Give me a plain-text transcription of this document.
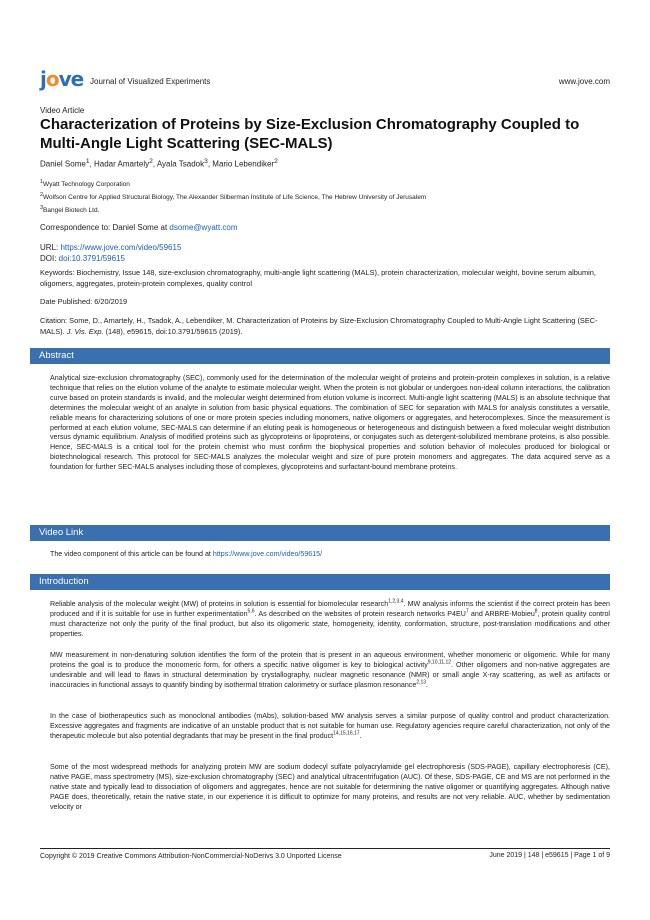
jove Journal of Visualized Experiments	www.jove.com
Video Article
Characterization of Proteins by Size-Exclusion Chromatography Coupled to Multi-Angle Light Scattering (SEC-MALS)
Daniel Some$^1$, Hadar Amartely$^2$, Ayala Tsadok$^3$, Mario Lebendiker$^2$
$^1$Wyatt Technology Corporation
$^2$Wolfson Centre for Applied Structural Biology, The Alexander Silberman Institute of Life Science, The Hebrew University of Jerusalem
$^3$Bangel Biotech Ltd.
Correspondence to: Daniel Some at dsome@wyatt.com
URL: https://www.jove.com/video/59615
DOI: doi:10.3791/59615
Keywords: Biochemistry, Issue 148, size-exclusion chromatography, multi-angle light scattering (MALS), protein characterization, molecular weight, bovine serum albumin, oligomers, aggregates, protein-protein complexes, quality control
Date Published: 6/20/2019
Citation: Some, D., Amartely, H., Tsadok, A., Lebendiker, M. Characterization of Proteins by Size-Exclusion Chromatography Coupled to Multi-Angle Light Scattering (SEC-MALS). J. Vis. Exp. (148), e59615, doi:10.3791/59615 (2019).
Abstract

Analytical size-exclusion chromatography (SEC), commonly used for the determination of the molecular weight of proteins and protein-protein complexes in solution, is a relative technique that relies on the elution volume of the analyte to estimate molecular weight. When the protein is not globular or undergoes non-ideal column interactions, the calibration curve based on protein standards is invalid, and the molecular weight determined from elution volume is incorrect. Multi-angle light scattering (MALS) is an absolute technique that determines the molecular weight of an analyte in solution from basic physical equations. The combination of SEC for separation with MALS for analysis constitutes a versatile, reliable means for characterizing solutions of one or more protein species including monomers, native oligomers or aggregates, and heterocomplexes. Since the measurement is performed at each elution volume, SEC-MALS can determine if an eluting peak is homogeneous or heterogeneous and distinguish between a fixed molecular weight distribution versus dynamic equilibrium. Analysis of modified proteins such as glycoproteins or lipoproteins, or conjugates such as detergent-solubilized membrane proteins, is also possible. Hence, SEC-MALS is a critical tool for the protein chemist who must confirm the biophysical properties and solution behavior of molecules produced for biological or biotechnological research. This protocol for SEC-MALS analyzes the molecular weight and size of pure protein monomers and aggregates. The data acquired serve as a foundation for further SEC-MALS analyses including those of complexes, glycoproteins and surfactant-bound membrane proteins.

Video Link

The video component of this article can be found at https://www.jove.com/video/59615/

Introduction

Reliable analysis of the molecular weight (MW) of proteins in solution is essential for biomolecular research$^{1,2,3,4}$. MW analysis informs the scientist if the correct protein has been produced and if it is suitable for use in further experimentation$^{5,6}$. As described on the websites of protein research networks $P4EU^7$ and ARBRE-Mobieu$^8$, protein quality control must characterize not only the purity of the final product, but also its oligomeric state, homogeneity, identity, conformation, structure, post-translation modifications and other properties.

MW measurement in non-denaturing solution identifies the form of the protein that is present in an aqueous environment, whether monomeric or oligomeric. While for many proteins the goal is to produce the monomeric form, for others a specific native oligomer is key to biological activity$^{9,10,11,12}$. Other oligomers and non-native aggregates are undesirable and will lead to flaws in structural determination by crystallography, nuclear magnetic resonance (NMR) or small angle X-ray scattering, as well as artifacts or inaccuracies in functional assays to quantify binding by isothermal titration calorimetry or surface plasmon resonance$^{2,13}$.

In the case of biotherapeutics such as monoclonal antibodies (mAbs), solution-based MW analysis serves a similar purpose of quality control and product characterization. Excessive aggregates and fragments are indicative of an unstable product that is not suitable for human use. Regulatory agencies require careful characterization, not only of the therapeutic molecule but also potential degradants that may be present in the final product$^{14,15,16,17}$.

Some of the most widespread methods for analyzing protein MW are sodium dodecyl sulfate polyacrylamide gel electrophoresis (SDS-PAGE), capillary electrophoresis (CE), native PAGE, mass spectrometry (MS), size-exclusion chromatography (SEC) and analytical ultracentrifugation (AUC). Of these, SDS-PAGE, CE and MS are not performed in the native state and typically lead to dissociation of oligomers and aggregates, hence are not suitable for determining the native oligomer or quantifying aggregates. Although native PAGE does, theoretically, retain the native state, in our experience it is difficult to optimize for many proteins, and results are not very reliable. AUC, whether by sedimentation velocity or

Copyright © 2019 Creative Commons Attribution-NonCommercial-NoDerivs 3.0 Unported License	June 2019 | 148 | e59615 | Page 1 of 9
